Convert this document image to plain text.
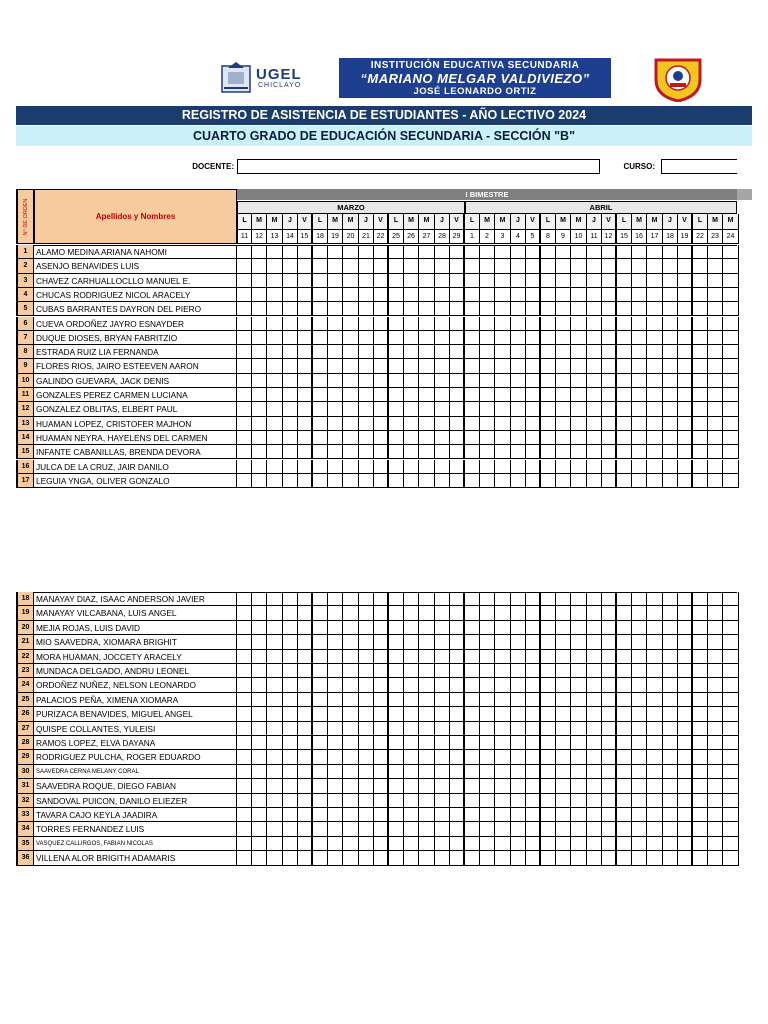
UGEL
CHICLAYO
INSTITUCIÓN EDUCATIVA SECUNDARIA
“MARIANO MELGAR VALDIVIEZO”
JOSÉ LEONARDO ORTIZ
REGISTRO DE ASISTENCIA DE ESTUDIANTES - AÑO LECTIVO 2024
CUARTO GRADO DE EDUCACIÓN SECUNDARIA - SECCIÓN "B"
DOCENTE:	CURSO:
N° DE ORDEN	Apellidos y Nombres
I BIMESTRE
MARZO	ABRIL
L	M	M	J	V	L	M	M	J	V	L	M	M	J	V	L	M	M	J	V	L	M	M	J	V	L	M	M	J	V	L	M	M
11 12	13	14 15	18	19	20	21 22	25	26	27	28 29	1	2	3	4	5	8	9	10	11 12	15	16	17	18 19	22	23	24
1	ALAMO MEDINA ARIANA NAHOMI
2	ASENJO BENAVIDES LUIS
3	CHAVEZ CARHUALLOCLLO MANUEL E.
4	CHUCAS RODRIGUEZ NICOL ARACELY
5	CUBAS BARRANTES DAYRON DEL PIERO
6	CUEVA ORDOÑEZ JAYRO ESNAYDER
7	DUQUE DIOSES, BRYAN FABRITZIO
8	ESTRADA RUIZ LIA FERNANDA
9	FLORES RIOS, JAIRO ESTEEVEN AARON
10 GALINDO GUEVARA, JACK DENIS
11 GONZALES PEREZ CARMEN LUCIANA
12 GONZALEZ OBLITAS, ELBERT PAUL
13 HUAMAN LOPEZ, CRISTOFER MAJHON
14 HUAMAN NEYRA, HAYELENS DEL CARMEN
15 INFANTE CABANILLAS, BRENDA DEVORA
16 JULCA DE LA CRUZ, JAIR DANILO
17 LEGUIA YNGA, OLIVER GONZALO
18 MANAYAY DIAZ, ISAAC ANDERSON JAVIER
19 MANAYAY VILCABANA, LUIS ANGEL
20 MEJIA ROJAS, LUIS DAVID
21 MIO SAAVEDRA, XIOMARA BRIGHIT
22 MORA HUAMAN, JOCCETY ARACELY
23 MUNDACA DELGADO, ANDRU LEONEL
24 ORDOÑEZ NUÑEZ, NELSON LEONARDO
25 PALACIOS PEÑA, XIMENA XIOMARA
26 PURIZACA BENAVIDES, MIGUEL ANGEL
27 QUISPE COLLANTES, YULEISI
28 RAMOS LOPEZ, ELVA DAYANA
29 RODRIGUEZ PULCHA, ROGER EDUARDO
30	SAAVEDRA CERNA MELANY CORAL
31 SAAVEDRA ROQUE, DIEGO FABIAN
32 SANDOVAL PUICON, DANILO ELIEZER
33 TAVARA CAJO KEYLA JAADIRA
34 TORRES FERNANDEZ LUIS
35	VASQUEZ CALLIRGOS, FABIAN NICOLAS
36 VILLENA ALOR BRIGITH ADAMARIS
